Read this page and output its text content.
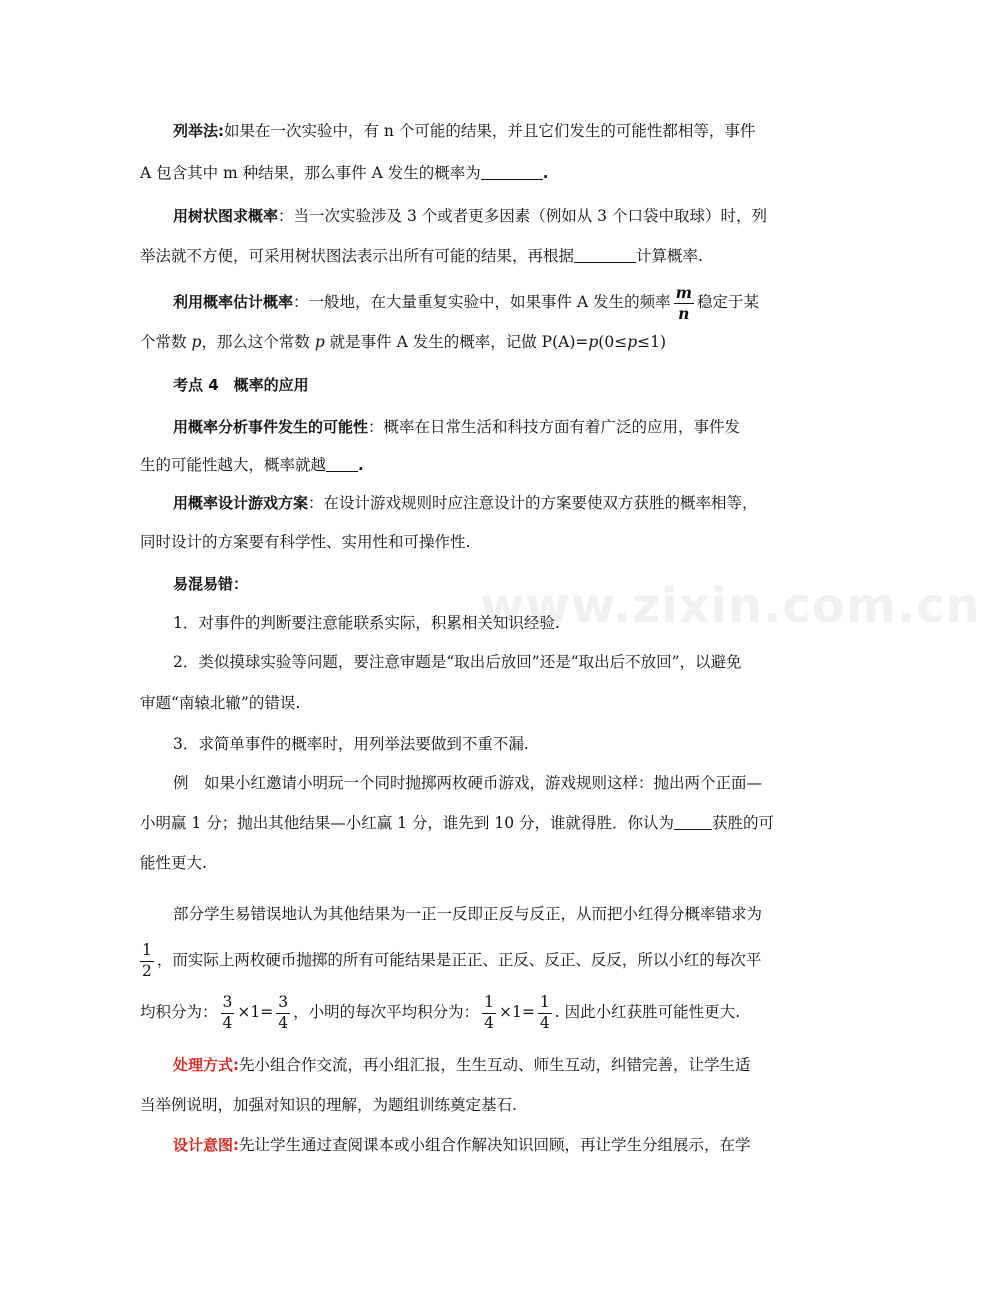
www.zixin.com.cn
列举法:如果在一次实验中，有 n 个可能的结果，并且它们发生的可能性都相等，事件
A 包含其中 m 种结果，那么事件 A 发生的概率为	.
用树状图求概率：当一次实验涉及 3 个或者更多因素（例如从 3 个口袋中取球）时，列
举法就不方便，可采用树状图法表示出所有可能的结果，再根据	计算概率.
利用概率估计概率：一般地，在大量重复实验中，如果事件 A 发生的频率 $\frac{m}{n}$ 稳定于某
个常数 p，那么这个常数 p 就是事件 A 发生的概率，记做 P(A)=p(0≤p≤1)
考点 4　概率的应用
用概率分析事件发生的可能性：概率在日常生活和科技方面有着广泛的应用，事件发
生的可能性越大，概率就越 .
用概率设计游戏方案：在设计游戏规则时应注意设计的方案要使双方获胜的概率相等，
同时设计的方案要有科学性、实用性和可操作性.
易混易错：
1．对事件的判断要注意能联系实际，积累相关知识经验.
2．类似摸球实验等问题，要注意审题是“取出后放回”还是“取出后不放回”，以避免
审题“南辕北辙”的错误.
3．求简单事件的概率时，用列举法要做到不重不漏.
例　如果小红邀请小明玩一个同时抛掷两枚硬币游戏，游戏规则这样：抛出两个正面—
小明赢 1 分；抛出其他结果—小红赢 1 分，谁先到 10 分，谁就得胜．你认为 获胜的可
能性更大.
部分学生易错误地认为其他结果为一正一反即正反与反正，从而把小红得分概率错求为
$\frac{1}{2}$ ，而实际上两枚硬币抛掷的所有可能结果是正正、正反、反正、反反，所以小红的每次平
均积分为： $\frac{3}{4} \times 1= \frac{3}{4}$ ，小明的每次平均积分为： $\frac{1}{4} \times 1= \frac{1}{4}$ . 因此小红获胜可能性更大.
处理方式:先小组合作交流，再小组汇报，生生互动、师生互动，纠错完善，让学生适
当举例说明，加强对知识的理解，为题组训练奠定基石.
设计意图:先让学生通过查阅课本或小组合作解决知识回顾，再让学生分组展示，在学
